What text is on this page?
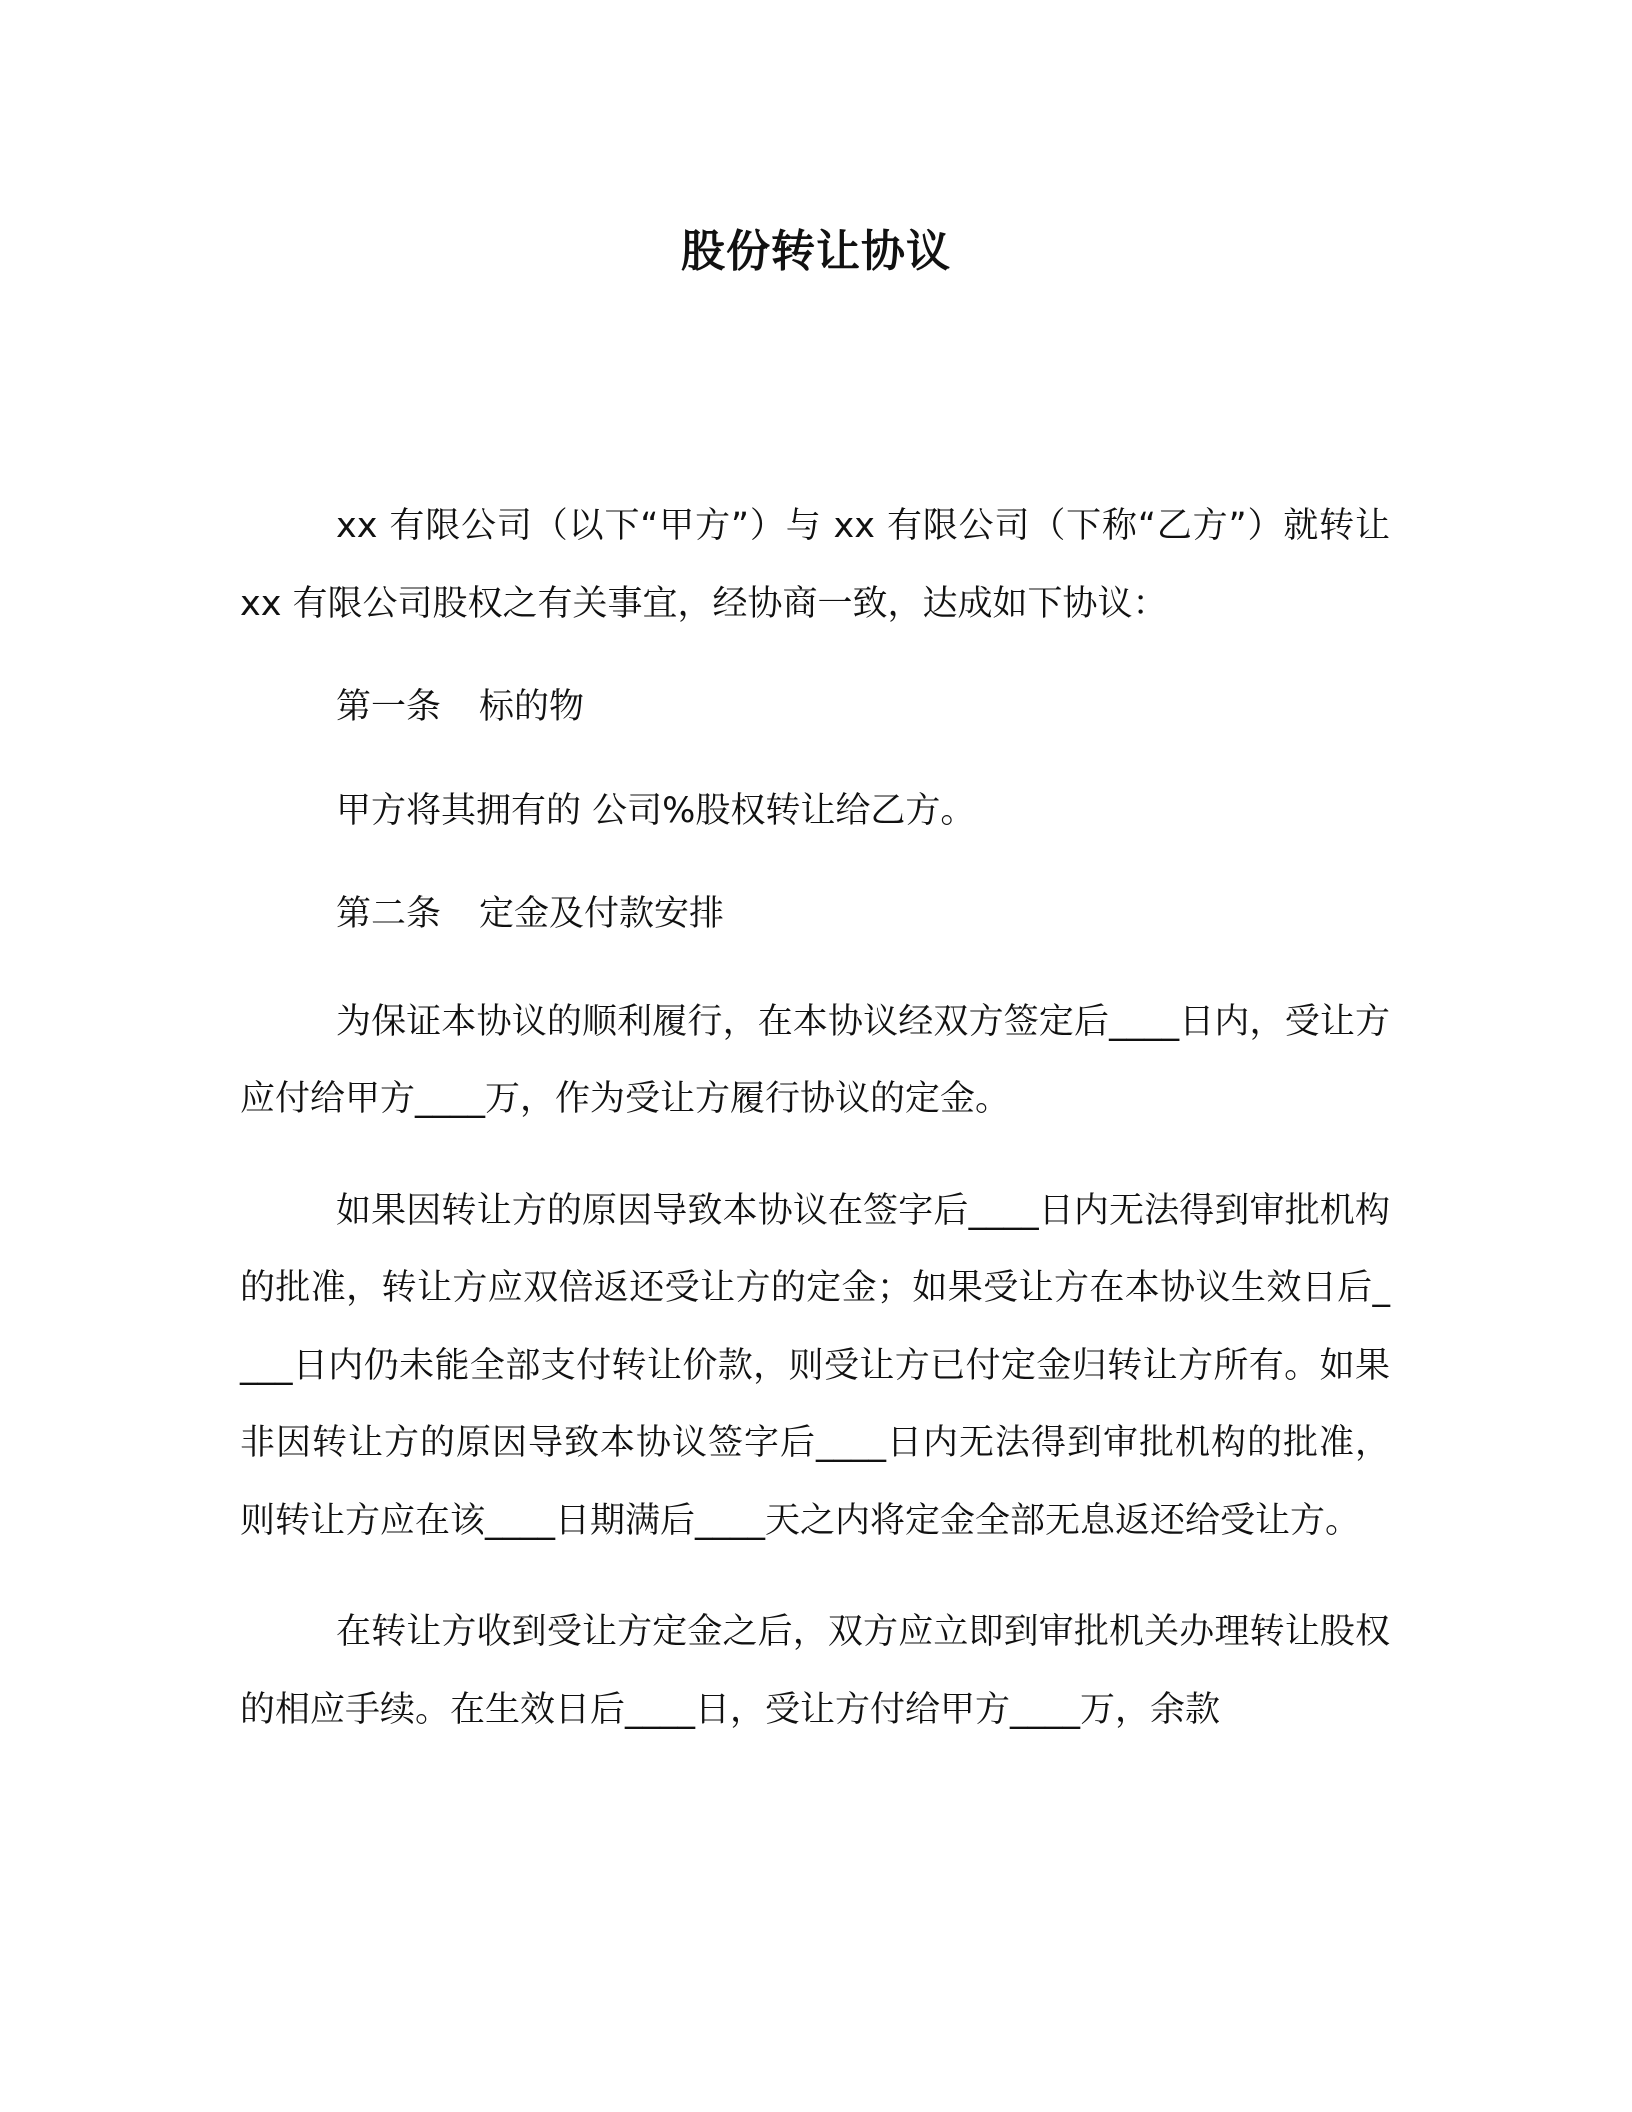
股份转让协议

xx 有限公司（以下“甲方”）与 xx 有限公司（下称“乙方”）就转让 xx 有限公司股权之有关事宜，经协商一致，达成如下协议：

第一条 标的物

甲方将其拥有的 公司%股权转让给乙方。

第二条 定金及付款安排

为保证本协议的顺利履行，在本协议经双方签定后____日内，受让方应付给甲方____万，作为受让方履行协议的定金。

如果因转让方的原因导致本协议在签字后____日内无法得到审批机构的批准，转让方应双倍返还受让方的定金；如果受让方在本协议生效日后____日内仍未能全部支付转让价款，则受让方已付定金归转让方所有。如果非因转让方的原因导致本协议签字后____日内无法得到审批机构的批准，则转让方应在该____日期满后____天之内将定金全部无息返还给受让方。

在转让方收到受让方定金之后，双方应立即到审批机关办理转让股权的相应手续。在生效日后____日，受让方付给甲方____万，余款
